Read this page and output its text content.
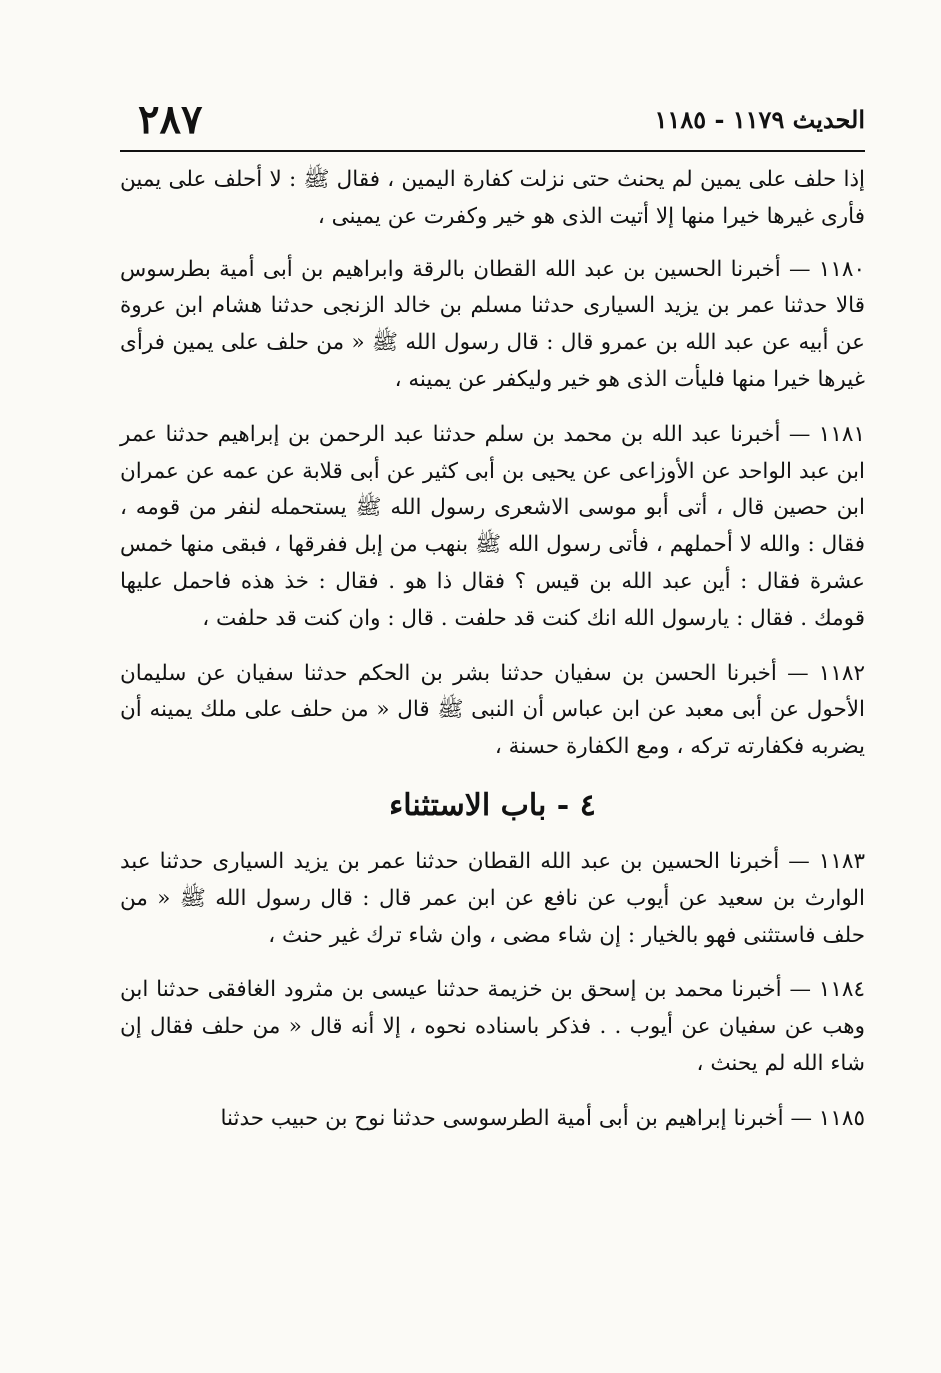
٢٨٧	الحديث ١١٧٩ - ١١٨٥

إذا حلف على يمين لم يحنث حتى نزلت كفارة اليمين ، فقال ﷺ : لا أحلف على يمين فأرى غيرها خيرا منها إلا أتيت الذى هو خير وكفرت عن يمينى ،

١١٨٠ — أخبرنا الحسين بن عبد الله القطان بالرقة وابراهيم بن أبى أمية بطرسوس قالا حدثنا عمر بن يزيد السيارى حدثنا مسلم بن خالد الزنجى حدثنا هشام ابن عروة عن أبيه عن عبد الله بن عمرو قال : قال رسول الله ﷺ « من حلف على يمين فرأى غيرها خيرا منها فليأت الذى هو خير وليكفر عن يمينه ،

١١٨١ — أخبرنا عبد الله بن محمد بن سلم حدثنا عبد الرحمن بن إبراهيم حدثنا عمر ابن عبد الواحد عن الأوزاعى عن يحيى بن أبى كثير عن أبى قلابة عن عمه عن عمران ابن حصين قال ، أتى أبو موسى الاشعرى رسول الله ﷺ يستحمله لنفر من قومه ، فقال : والله لا أحملهم ، فأتى رسول الله ﷺ بنهب من إبل ففرقها ، فبقى منها خمس عشرة فقال : أين عبد الله بن قيس ؟ فقال ذا هو . فقال : خذ هذه فاحمل عليها قومك . فقال : يارسول الله انك كنت قد حلفت . قال : وان كنت قد حلفت ،

١١٨٢ — أخبرنا الحسن بن سفيان حدثنا بشر بن الحكم حدثنا سفيان عن سليمان الأحول عن أبى معبد عن ابن عباس أن النبى ﷺ قال « من حلف على ملك يمينه أن يضربه فكفارته تركه ، ومع الكفارة حسنة ،

٤ - باب الاستثناء

١١٨٣ — أخبرنا الحسين بن عبد الله القطان حدثنا عمر بن يزيد السيارى حدثنا عبد الوارث بن سعيد عن أيوب عن نافع عن ابن عمر قال : قال رسول الله ﷺ « من حلف فاستثنى فهو بالخيار : إن شاء مضى ، وان شاء ترك غير حنث ،

١١٨٤ — أخبرنا محمد بن إسحق بن خزيمة حدثنا عيسى بن مثرود الغافقى حدثنا ابن وهب عن سفيان عن أيوب . . فذكر باسناده نحوه ، إلا أنه قال « من حلف فقال إن شاء الله لم يحنث ،

١١٨٥ — أخبرنا إبراهيم بن أبى أمية الطرسوسى حدثنا نوح بن حبيب حدثنا
